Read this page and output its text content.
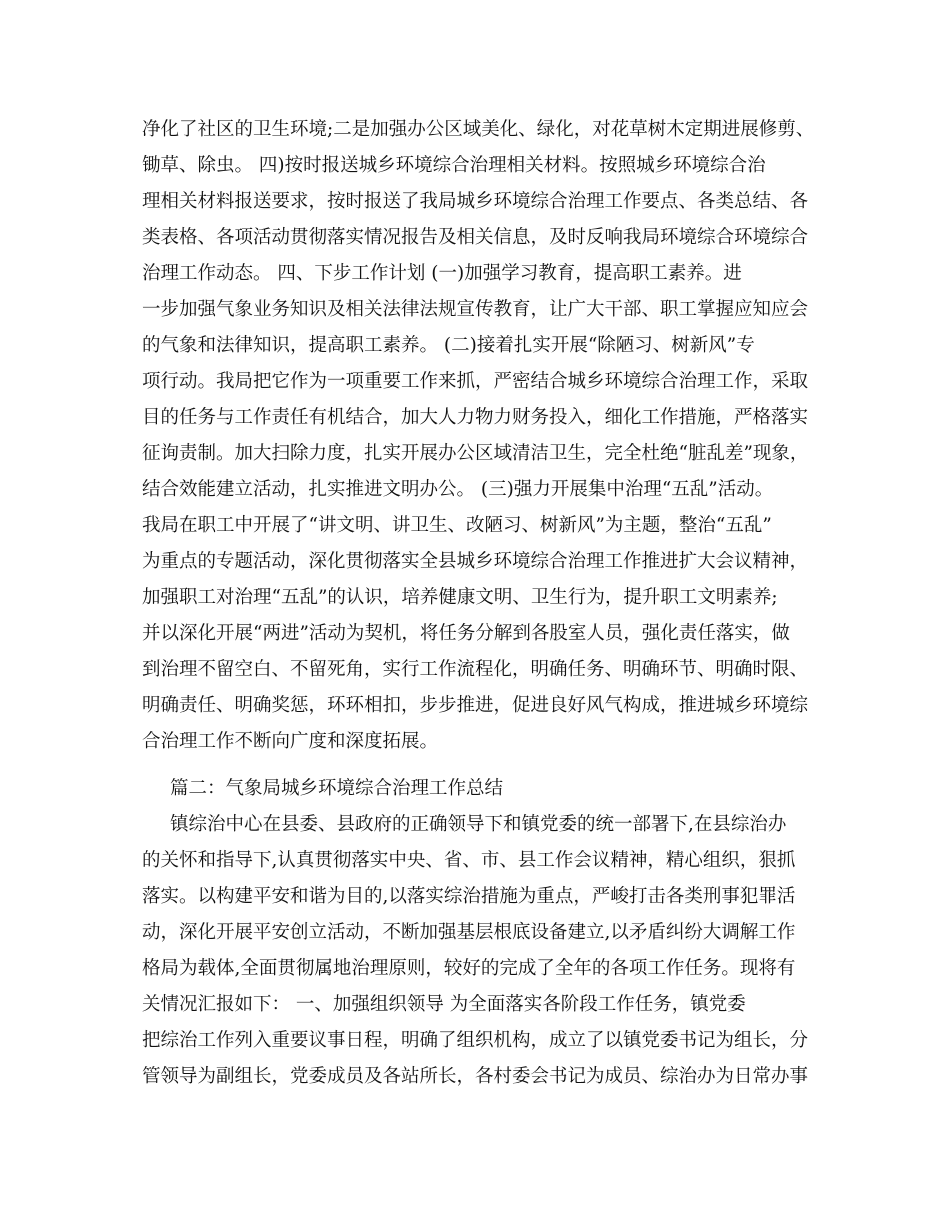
净化了社区的卫生环境;二是加强办公区域美化、绿化，对花草树木定期进展修剪、
锄草、除虫。 四)按时报送城乡环境综合治理相关材料。按照城乡环境综合治
理相关材料报送要求，按时报送了我局城乡环境综合治理工作要点、各类总结、各
类表格、各项活动贯彻落实情况报告及相关信息，及时反响我局环境综合环境综合
治理工作动态。 四、下步工作计划 (一)加强学习教育，提高职工素养。进
一步加强气象业务知识及相关法律法规宣传教育，让广大干部、职工掌握应知应会
的气象和法律知识，提高职工素养。 (二)接着扎实开展“除陋习、树新风”专
项行动。我局把它作为一项重要工作来抓，严密结合城乡环境综合治理工作，采取
目的任务与工作责任有机结合，加大人力物力财务投入，细化工作措施，严格落实
征询责制。加大扫除力度，扎实开展办公区域清洁卫生，完全杜绝“脏乱差”现象，
结合效能建立活动，扎实推进文明办公。 (三)强力开展集中治理“五乱”活动。
我局在职工中开展了“讲文明、讲卫生、改陋习、树新风”为主题，整治“五乱”
为重点的专题活动，深化贯彻落实全县城乡环境综合治理工作推进扩大会议精神，
加强职工对治理“五乱”的认识，培养健康文明、卫生行为，提升职工文明素养;
并以深化开展“两进”活动为契机，将任务分解到各股室人员，强化责任落实，做
到治理不留空白、不留死角，实行工作流程化，明确任务、明确环节、明确时限、
明确责任、明确奖惩，环环相扣，步步推进，促进良好风气构成，推进城乡环境综
合治理工作不断向广度和深度拓展。
篇二：气象局城乡环境综合治理工作总结
镇综治中心在县委、县政府的正确领导下和镇党委的统一部署下,在县综治办
的关怀和指导下,认真贯彻落实中央、省、市、县工作会议精神，精心组织，狠抓
落实。以构建平安和谐为目的,以落实综治措施为重点，严峻打击各类刑事犯罪活
动，深化开展平安创立活动，不断加强基层根底设备建立,以矛盾纠纷大调解工作
格局为载体,全面贯彻属地治理原则，较好的完成了全年的各项工作任务。现将有
关情况汇报如下： 一、加强组织领导 为全面落实各阶段工作任务，镇党委
把综治工作列入重要议事日程，明确了组织机构，成立了以镇党委书记为组长，分
管领导为副组长，党委成员及各站所长，各村委会书记为成员、综治办为日常办事
